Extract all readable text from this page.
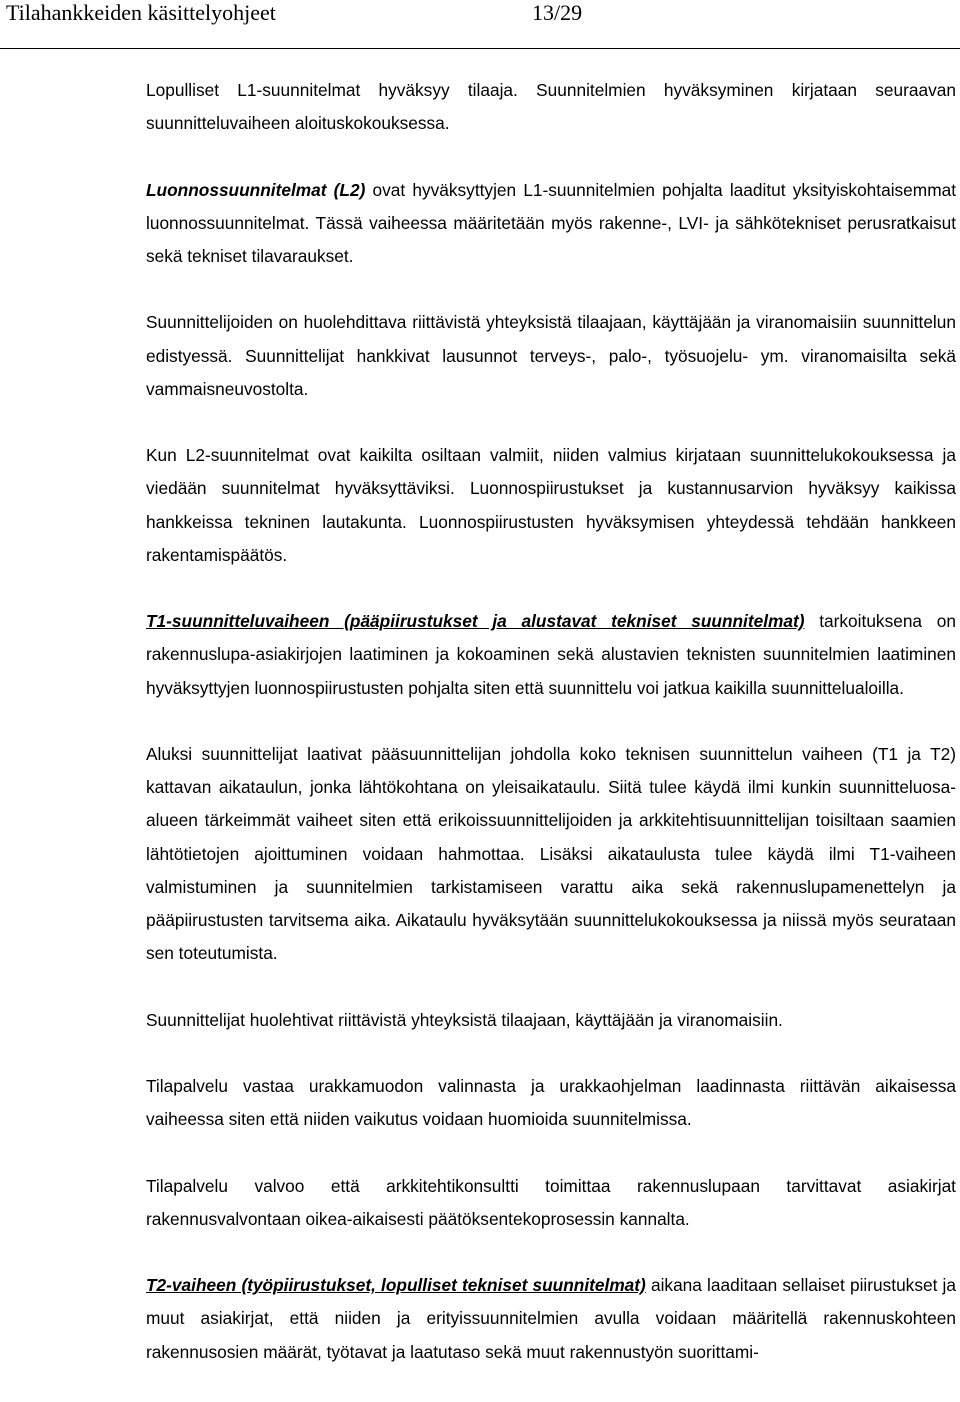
Tilahankkeiden käsittelyohjeet	13/29

Lopulliset L1-suunnitelmat hyväksyy tilaaja. Suunnitelmien hyväksyminen kirjataan seuraavan suunnitteluvaiheen aloituskokouksessa.

Luonnossuunnitelmat (L2) ovat hyväksyttyjen L1-suunnitelmien pohjalta laaditut yksityiskohtaisemmat luonnossuunnitelmat. Tässä vaiheessa määritetään myös rakenne-, LVI- ja sähkötekniset perusratkaisut sekä tekniset tilavaraukset.

Suunnittelijoiden on huolehdittava riittävistä yhteyksistä tilaajaan, käyttäjään ja viranomaisiin suunnittelun edistyessä. Suunnittelijat hankkivat lausunnot terveys-, palo-, työsuojelu- ym. viranomaisilta sekä vammaisneuvostolta.

Kun L2-suunnitelmat ovat kaikilta osiltaan valmiit, niiden valmius kirjataan suunnittelukokouksessa ja viedään suunnitelmat hyväksyttäviksi. Luonnospiirustukset ja kustannusarvion hyväksyy kaikissa hankkeissa tekninen lautakunta. Luonnospiirustusten hyväksymisen yhteydessä tehdään hankkeen rakentamispäätös.

T1-suunnitteluvaiheen (pääpiirustukset ja alustavat tekniset suunnitelmat) tarkoituksena on rakennuslupa-asiakirjojen laatiminen ja kokoaminen sekä alustavien teknisten suunnitelmien laatiminen hyväksyttyjen luonnospiirustusten pohjalta siten että suunnittelu voi jatkua kaikilla suunnittelualoilla.

Aluksi suunnittelijat laativat pääsuunnittelijan johdolla koko teknisen suunnittelun vaiheen (T1 ja T2) kattavan aikataulun, jonka lähtökohtana on yleisaikataulu. Siitä tulee käydä ilmi kunkin suunnitteluosa-alueen tärkeimmät vaiheet siten että erikoissuunnittelijoiden ja arkkitehtisuunnittelijan toisiltaan saamien lähtötietojen ajoittuminen voidaan hahmottaa. Lisäksi aikataulusta tulee käydä ilmi T1-vaiheen valmistuminen ja suunnitelmien tarkistamiseen varattu aika sekä rakennuslupamenettelyn ja pääpiirustusten tarvitsema aika. Aikataulu hyväksytään suunnittelukokouksessa ja niissä myös seurataan sen toteutumista.

Suunnittelijat huolehtivat riittävistä yhteyksistä tilaajaan, käyttäjään ja viranomaisiin.

Tilapalvelu vastaa urakkamuodon valinnasta ja urakkaohjelman laadinnasta riittävän aikaisessa vaiheessa siten että niiden vaikutus voidaan huomioida suunnitelmissa.

Tilapalvelu valvoo että arkkitehtikonsultti toimittaa rakennuslupaan tarvittavat asiakirjat rakennusvalvontaan oikea-aikaisesti päätöksentekoprosessin kannalta.

T2-vaiheen (työpiirustukset, lopulliset tekniset suunnitelmat) aikana laaditaan sellaiset piirustukset ja muut asiakirjat, että niiden ja erityissuunnitelmien avulla voidaan määritellä rakennuskohteen rakennusosien määrät, työtavat ja laatutaso sekä muut rakennustyön suorittami-
